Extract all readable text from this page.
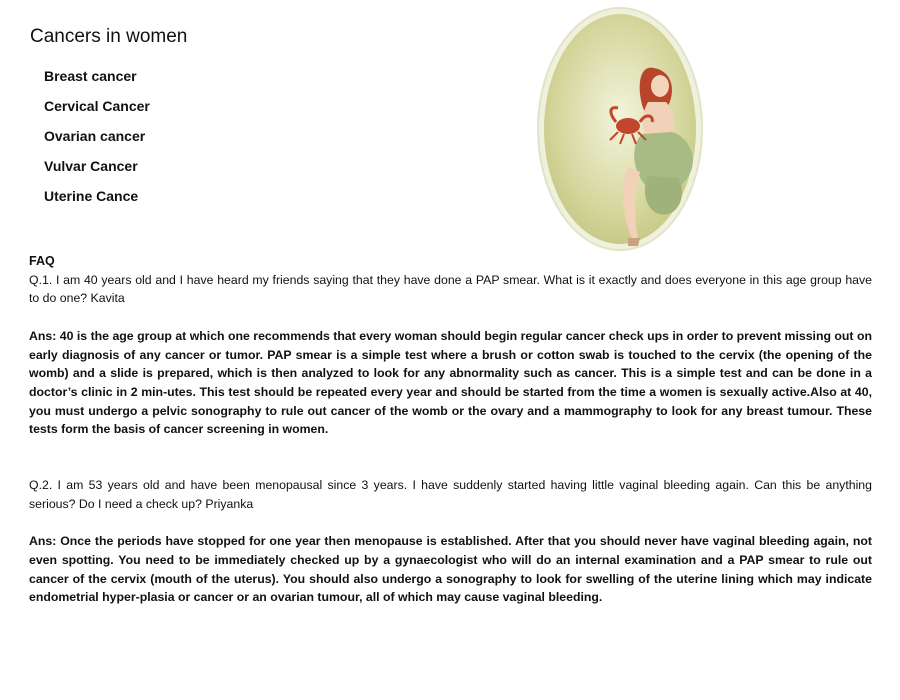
Cancers in women
Breast cancer
Cervical Cancer
Ovarian cancer
Vulvar Cancer
Uterine Cance
FAQ

Q.1. I am 40 years old and I have heard my friends saying that they have done a PAP smear. What is it exactly and does everyone in this age group have to do one? Kavita

Ans: 40 is the age group at which one recommends that every woman should begin regular cancer check ups in order to prevent missing out on early diagnosis of any cancer or tumor. PAP smear is a simple test where a brush or cotton swab is touched to the cervix (the opening of the womb) and a slide is prepared, which is then analyzed to look for any abnormality such as cancer. This is a simple test and can be done in a doctor’s clinic in 2 min-utes. This test should be repeated every year and should be started from the time a women is sexually active.Also at 40, you must undergo a pelvic sonography to rule out cancer of the womb or the ovary and a mammography to look for any breast tumour. These tests form the basis of cancer screening in women.

Q.2. I am 53 years old and have been menopausal since 3 years. I have suddenly started having little vaginal bleeding again. Can this be anything serious? Do I need a check up? Priyanka

Ans: Once the periods have stopped for one year then menopause is established. After that you should never have vaginal bleeding again, not even spotting. You need to be immediately checked up by a gynaecologist who will do an internal examination and a PAP smear to rule out cancer of the cervix (mouth of the uterus). You should also undergo a sonography to look for swelling of the uterine lining which may indicate endometrial hyper-plasia or cancer or an ovarian tumour, all of which may cause vaginal bleeding.
